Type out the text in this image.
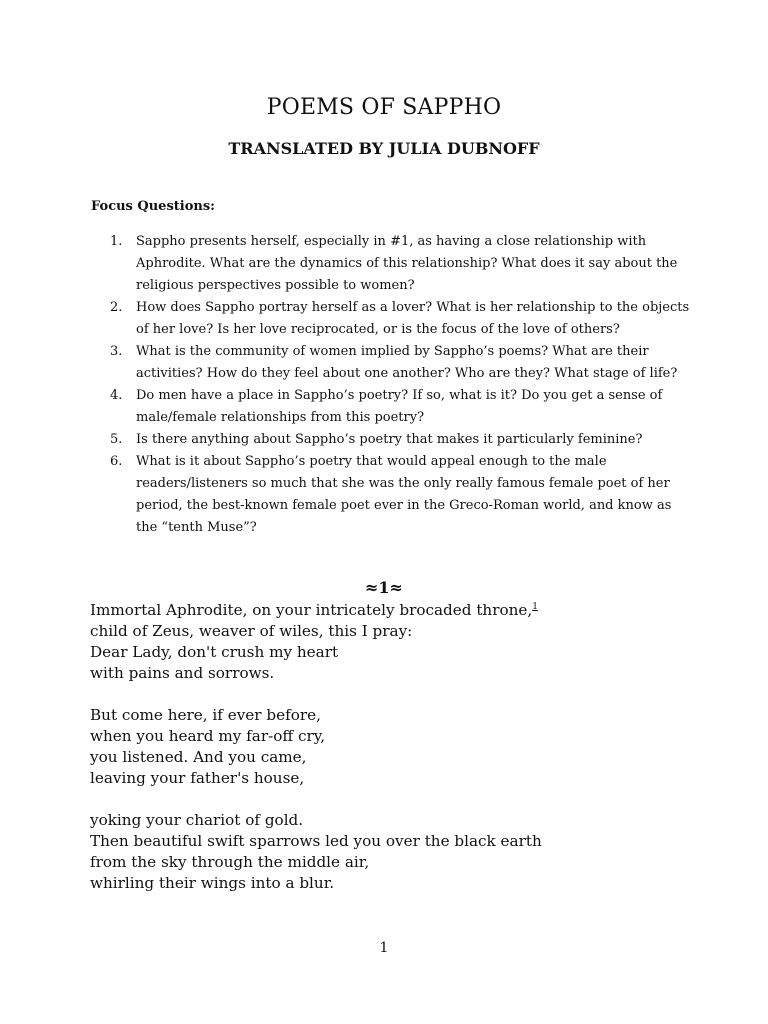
POEMS OF SAPPHO
TRANSLATED BY JULIA DUBNOFF
Focus Questions:
1. Sappho presents herself, especially in #1, as having a close relationship with Aphrodite. What are the dynamics of this relationship? What does it say about the religious perspectives possible to women?
2. How does Sappho portray herself as a lover? What is her relationship to the objects of her love? Is her love reciprocated, or is the focus of the love of others?
3. What is the community of women implied by Sappho’s poems? What are their activities? How do they feel about one another? Who are they? What stage of life?
4. Do men have a place in Sappho’s poetry? If so, what is it? Do you get a sense of male/female relationships from this poetry?
5. Is there anything about Sappho’s poetry that makes it particularly feminine?
6. What is it about Sappho’s poetry that would appeal enough to the male readers/listeners so much that she was the only really famous female poet of her period, the best-known female poet ever in the Greco-Roman world, and know as the “tenth Muse”?
≈1≈
Immortal Aphrodite, on your intricately brocaded throne,$^1$
child of Zeus, weaver of wiles, this I pray:
Dear Lady, don't crush my heart
with pains and sorrows.
But come here, if ever before,
when you heard my far-off cry,
you listened. And you came,
leaving your father's house,
yoking your chariot of gold.
Then beautiful swift sparrows led you over the black earth
from the sky through the middle air,
whirling their wings into a blur.
1
